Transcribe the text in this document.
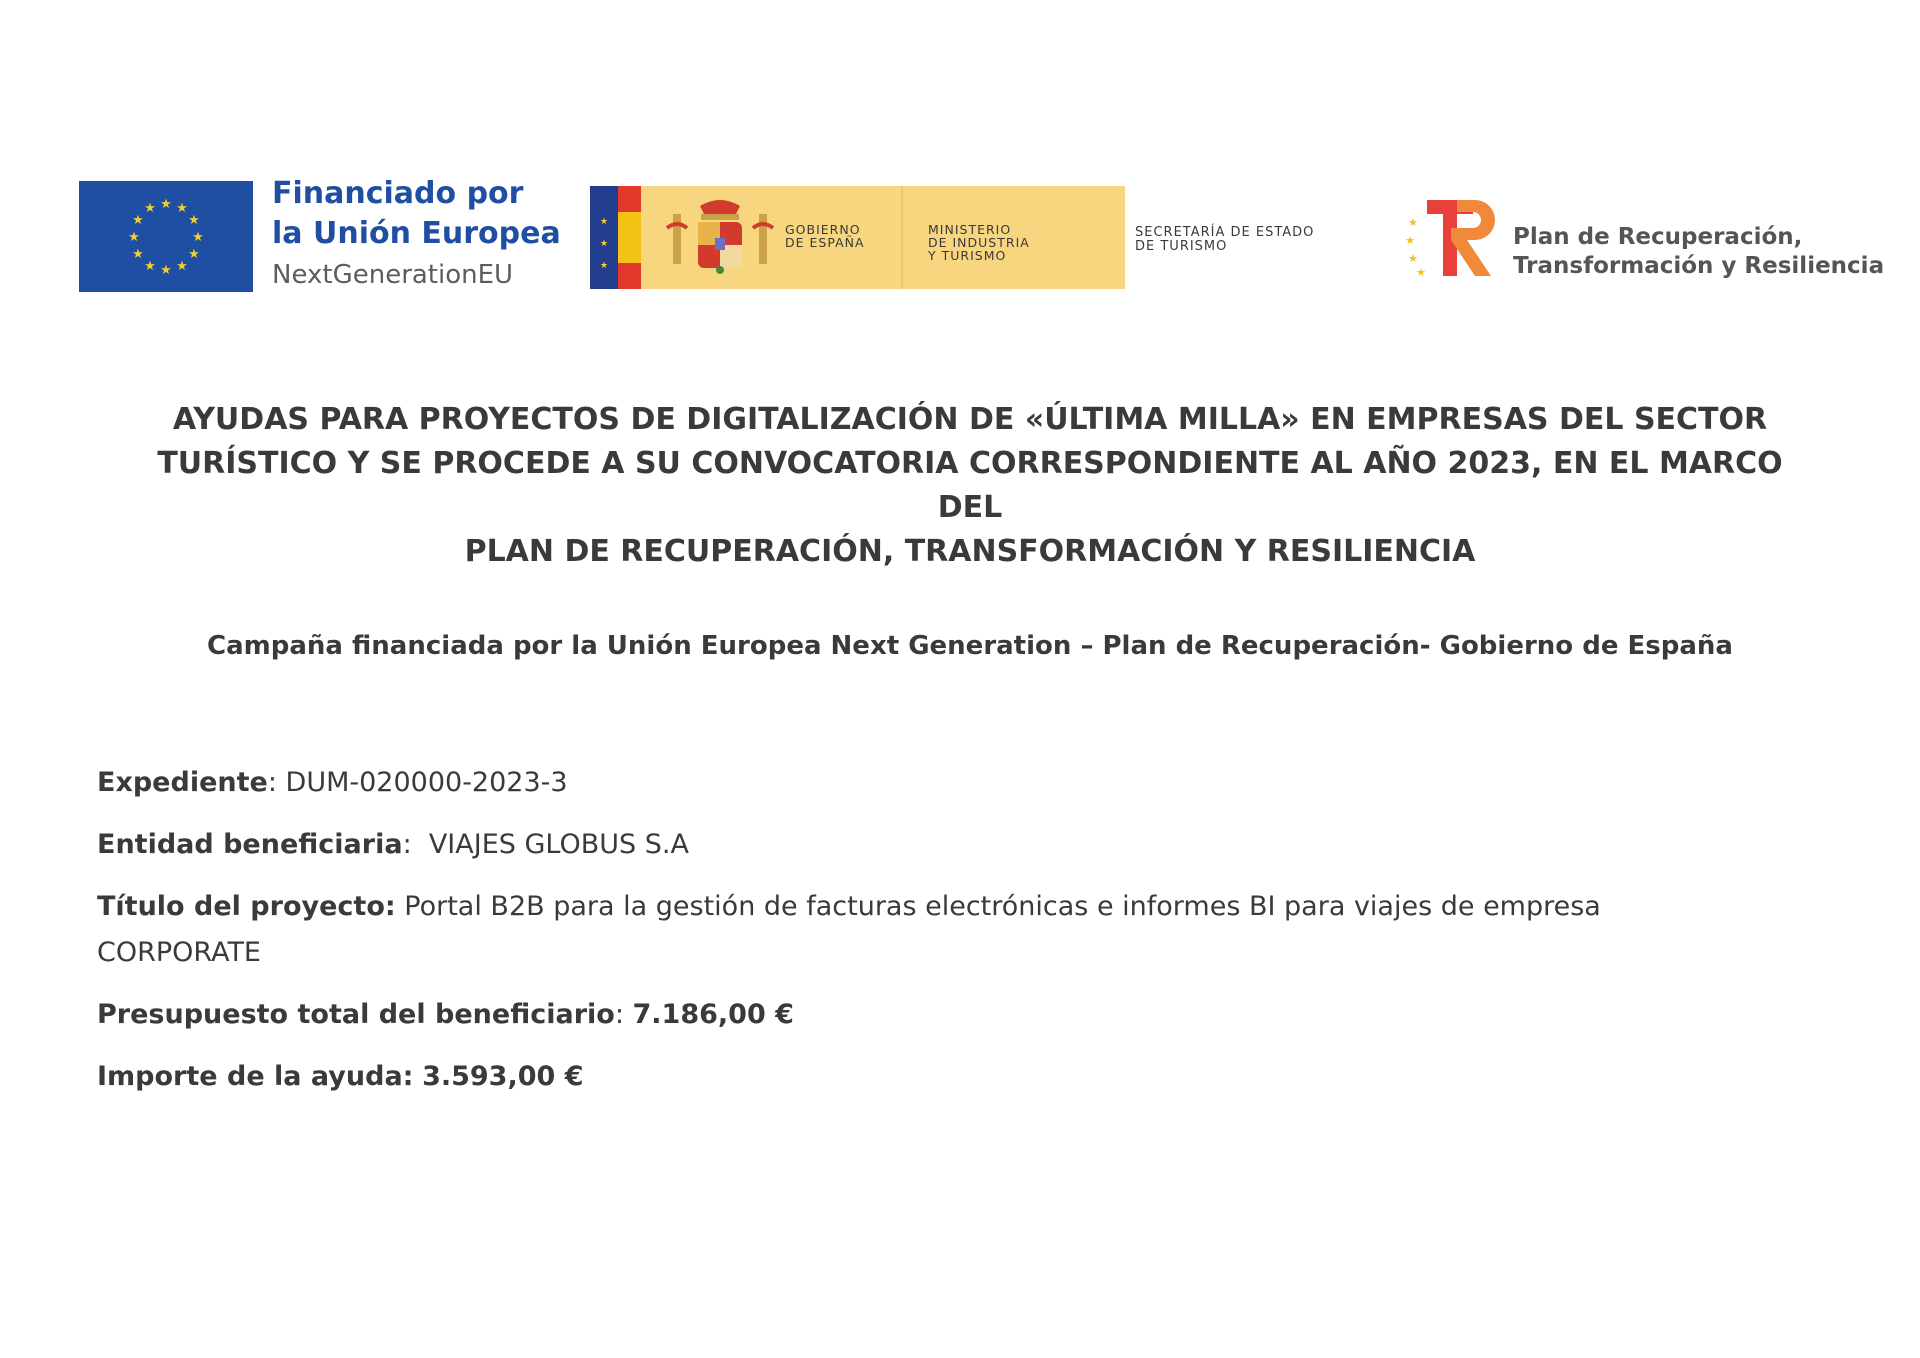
★ ★
★
★
★
★
★
★
★
★
★
★	Financiado por
la Unión Europea
NextGenerationEU
★
★
★
GOBIERNO
DE ESPAÑA
MINISTERIO
DE INDUSTRIA
Y TURISMO
SECRETARÍA DE ESTADO
DE TURISMO
★
★
★
★
Plan de Recuperación,
Transformación y Resiliencia
AYUDAS PARA PROYECTOS DE DIGITALIZACIÓN DE «ÚLTIMA MILLA» EN EMPRESAS DEL SECTOR
TURÍSTICO Y SE PROCEDE A SU CONVOCATORIA CORRESPONDIENTE AL AÑO 2023, EN EL MARCO DEL
PLAN DE RECUPERACIÓN, TRANSFORMACIÓN Y RESILIENCIA
Campaña financiada por la Unión Europea Next Generation – Plan de Recuperación- Gobierno de España
Expediente: DUM-020000-2023-3
Entidad beneficiaria:  VIAJES GLOBUS S.A
Título del proyecto: Portal B2B para la gestión de facturas electrónicas e informes BI para viajes de empresa
CORPORATE
Presupuesto total del beneficiario: 7.186,00 €
Importe de la ayuda: 3.593,00 €
